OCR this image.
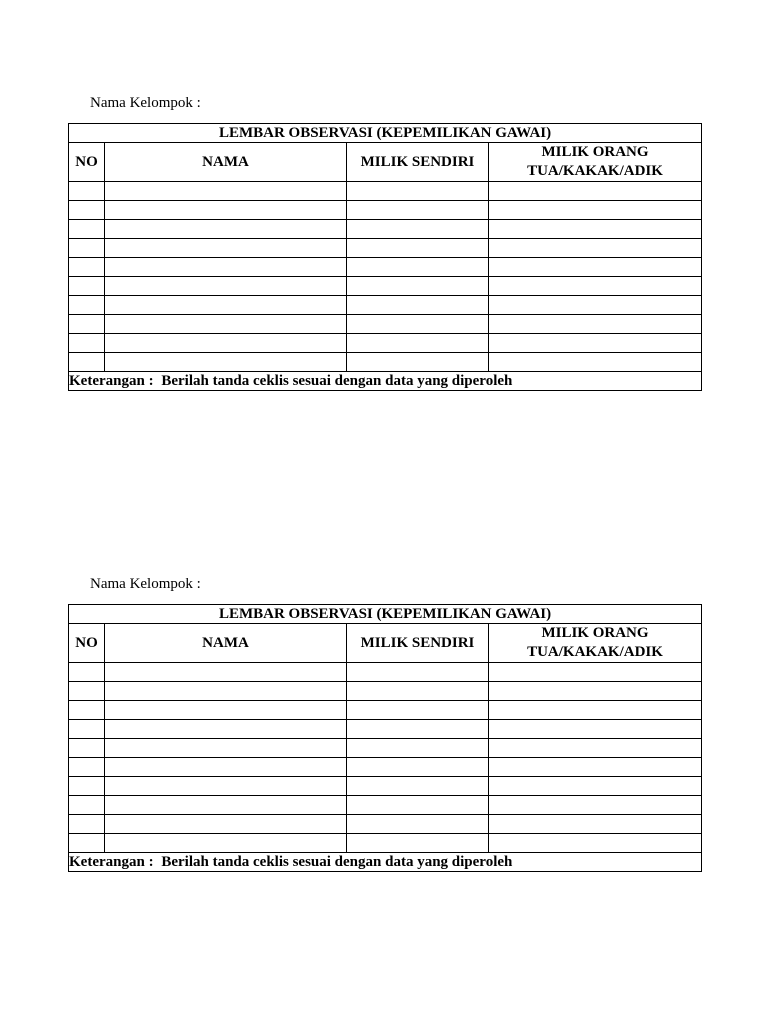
Nama Kelompok :
LEMBAR OBSERVASI (KEPEMILIKAN GAWAI)			
NO	NAMA	MILIK SENDIRI	MILIK ORANG
TUA/KAKAK/ADIK

Keterangan : Berilah tanda ceklis sesuai dengan data yang diperoleh			
Nama Kelompok :
LEMBAR OBSERVASI (KEPEMILIKAN GAWAI)			
NO	NAMA	MILIK SENDIRI	MILIK ORANG
TUA/KAKAK/ADIK

Keterangan : Berilah tanda ceklis sesuai dengan data yang diperoleh			
